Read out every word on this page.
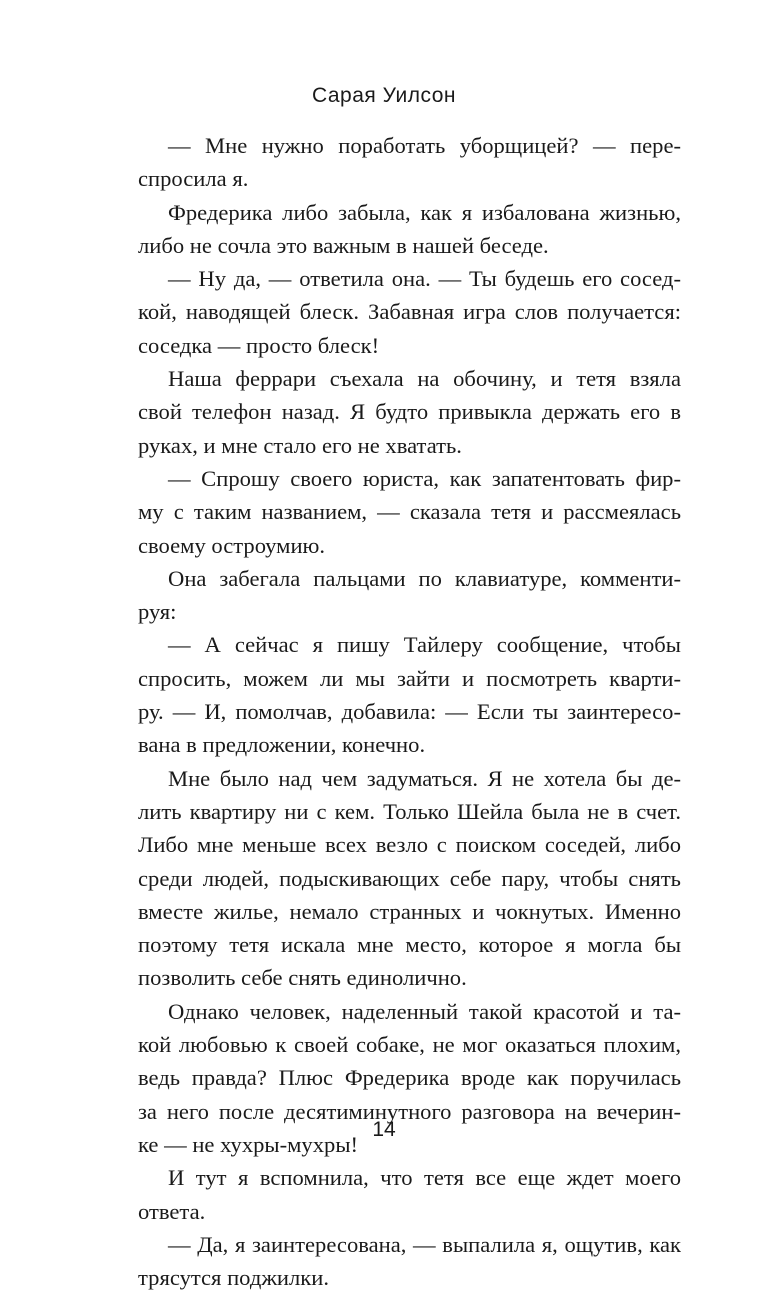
Сарая Уилсон
— Мне нужно поработать уборщицей? — пере-
спросила я.
Фредерика либо забыла, как я избалована жизнью,
либо не сочла это важным в нашей беседе.
— Ну да, — ответила она. — Ты будешь его сосед-
кой, наводящей блеск. Забавная игра слов получается:
соседка — просто блеск!
Наша феррари съехала на обочину, и тетя взяла
свой телефон назад. Я будто привыкла держать его в
руках, и мне стало его не хватать.
— Спрошу своего юриста, как запатентовать фир-
му с таким названием, — сказала тетя и рассмеялась
своему остроумию.
Она забегала пальцами по клавиатуре, комменти-
руя:
— А сейчас я пишу Тайлеру сообщение, чтобы
спросить, можем ли мы зайти и посмотреть кварти-
ру. — И, помолчав, добавила: — Если ты заинтересо-
вана в предложении, конечно.
Мне было над чем задуматься. Я не хотела бы де-
лить квартиру ни с кем. Только Шейла была не в счет.
Либо мне меньше всех везло с поиском соседей, либо
среди людей, подыскивающих себе пару, чтобы снять
вместе жилье, немало странных и чокнутых. Именно
поэтому тетя искала мне место, которое я могла бы
позволить себе снять единолично.
Однако человек, наделенный такой красотой и та-
кой любовью к своей собаке, не мог оказаться плохим,
ведь правда? Плюс Фредерика вроде как поручилась
за него после десятиминутного разговора на вечерин-
ке — не хухры-мухры!
И тут я вспомнила, что тетя все еще ждет моего
ответа.
— Да, я заинтересована, — выпалила я, ощутив, как
трясутся поджилки.
14
